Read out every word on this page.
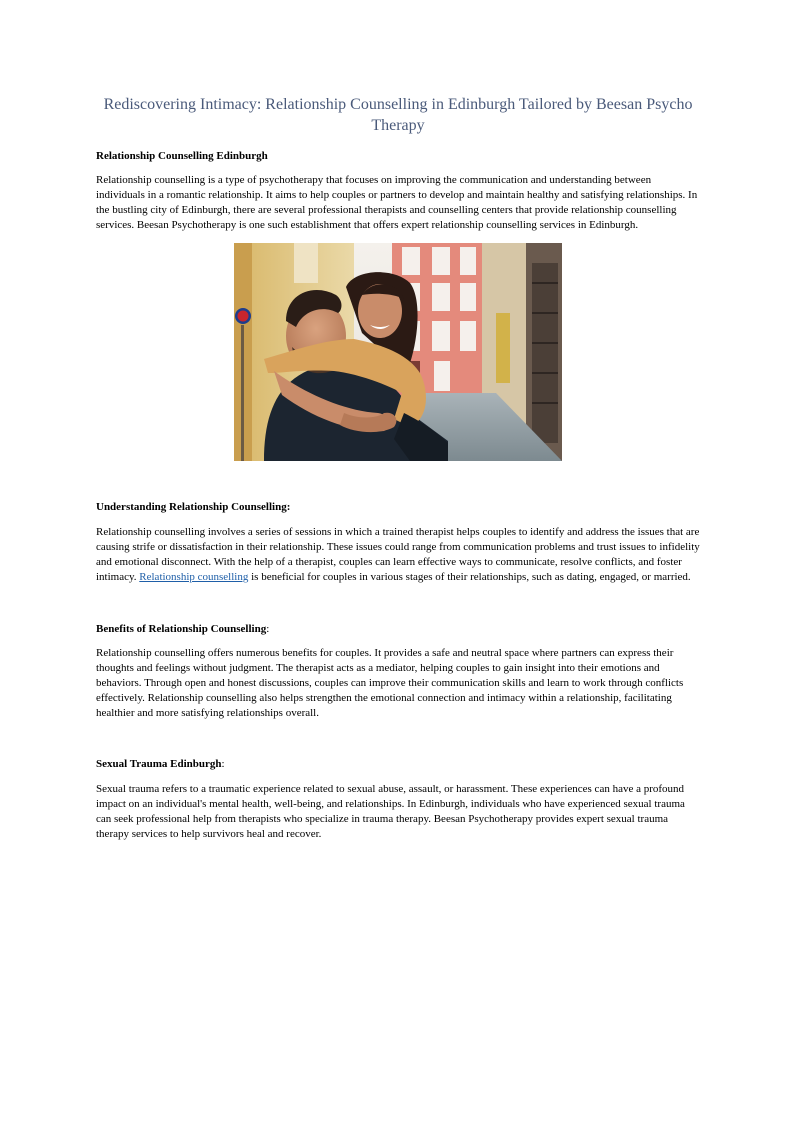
Rediscovering Intimacy: Relationship Counselling in Edinburgh Tailored by Beesan Psycho Therapy

Relationship Counselling Edinburgh

Relationship counselling is a type of psychotherapy that focuses on improving the communication and understanding between individuals in a romantic relationship. It aims to help couples or partners to develop and maintain healthy and satisfying relationships. In the bustling city of Edinburgh, there are several professional therapists and counselling centers that provide relationship counselling services. Beesan Psychotherapy is one such establishment that offers expert relationship counselling services in Edinburgh.

Understanding Relationship Counselling:

Relationship counselling involves a series of sessions in which a trained therapist helps couples to identify and address the issues that are causing strife or dissatisfaction in their relationship. These issues could range from communication problems and trust issues to infidelity and emotional disconnect. With the help of a therapist, couples can learn effective ways to communicate, resolve conflicts, and foster intimacy. Relationship counselling is beneficial for couples in various stages of their relationships, such as dating, engaged, or married.

Benefits of Relationship Counselling:

Relationship counselling offers numerous benefits for couples. It provides a safe and neutral space where partners can express their thoughts and feelings without judgment. The therapist acts as a mediator, helping couples to gain insight into their emotions and behaviors. Through open and honest discussions, couples can improve their communication skills and learn to work through conflicts effectively. Relationship counselling also helps strengthen the emotional connection and intimacy within a relationship, facilitating healthier and more satisfying relationships overall.

Sexual Trauma Edinburgh:

Sexual trauma refers to a traumatic experience related to sexual abuse, assault, or harassment. These experiences can have a profound impact on an individual's mental health, well-being, and relationships. In Edinburgh, individuals who have experienced sexual trauma can seek professional help from therapists who specialize in trauma therapy. Beesan Psychotherapy provides expert sexual trauma therapy services to help survivors heal and recover.
